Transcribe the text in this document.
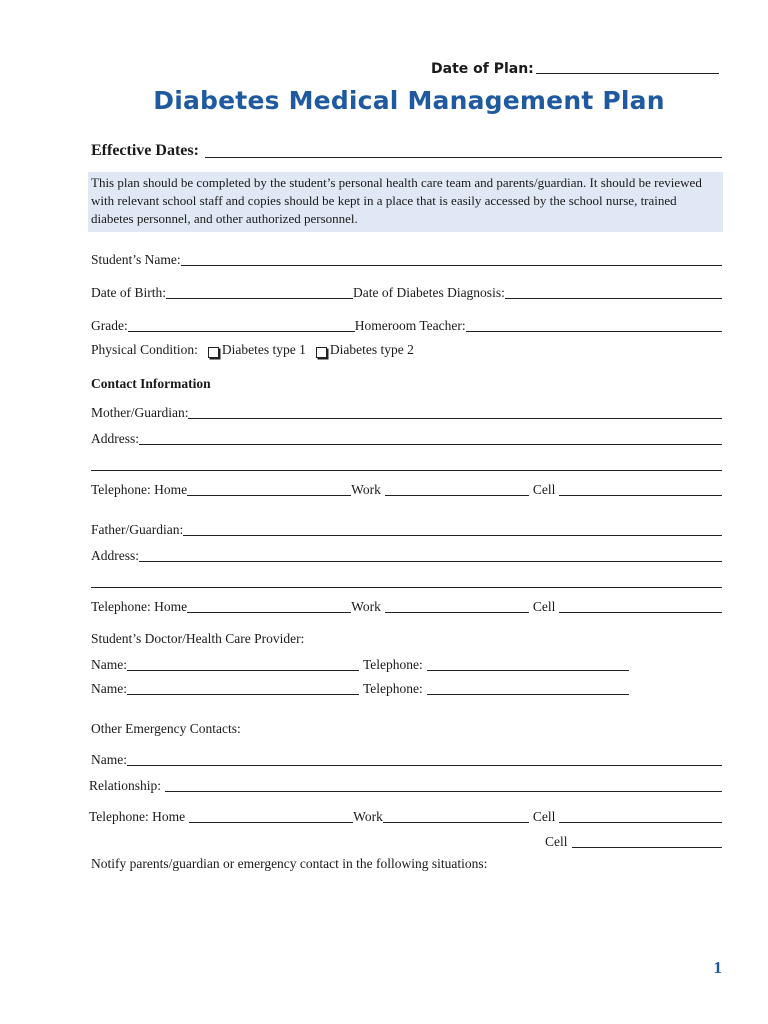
Date of Plan:
Diabetes Medical Management Plan
Effective Dates:
This plan should be completed by the student’s personal health care team and parents/guardian. It should be reviewed with relevant school staff and copies should be kept in a place that is easily accessed by the school nurse, trained diabetes personnel, and other authorized personnel.
Student’s Name:
Date of Birth:	Date of Diabetes Diagnosis:
Grade:	Homeroom Teacher:
Physical Condition: Diabetes type 1 Diabetes type 2
Contact Information
Mother/Guardian:
Address:
Telephone: Home	Work	Cell
Father/Guardian:
Address:
Telephone: Home	Work	Cell
Student’s Doctor/Health Care Provider:
Name:	Telephone:
Name:	Telephone:
Other Emergency Contacts:
Name:
Relationship:
Telephone: Home	Work	Cell
Cell
Notify parents/guardian or emergency contact in the following situations:
1
